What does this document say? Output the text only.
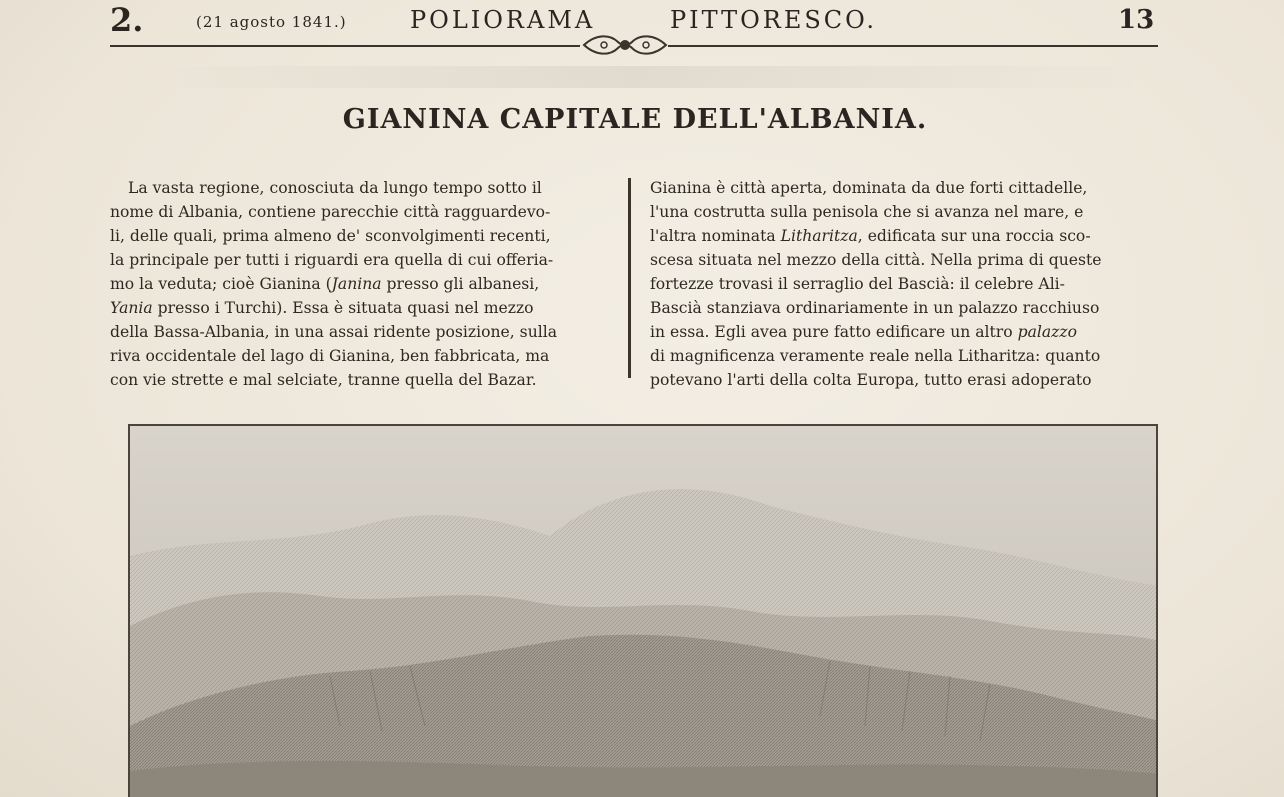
2.	(21 agosto 1841.)	POLIORAMA	PITTORESCO.	13
GIANINA CAPITALE DELL'ALBANIA.
La vasta regione, conosciuta da lungo tempo sotto il
nome di Albania, contiene parecchie città ragguardevo-
li, delle quali, prima almeno de' sconvolgimenti recenti,
la principale per tutti i riguardi era quella di cui offeria-
mo la veduta; cioè Gianina (Janina presso gli albanesi,
Yania presso i Turchi). Essa è situata quasi nel mezzo
della Bassa-Albania, in una assai ridente posizione, sulla
riva occidentale del lago di Gianina, ben fabbricata, ma
con vie strette e mal selciate, tranne quella del Bazar.
Gianina è città aperta, dominata da due forti cittadelle,
l'una costrutta sulla penisola che si avanza nel mare, e
l'altra nominata Litharitza, edificata sur una roccia sco-
scesa situata nel mezzo della città. Nella prima di queste
fortezze trovasi il serraglio del Bascià: il celebre Ali-
Bascià stanziava ordinariamente in un palazzo racchiuso
in essa. Egli avea pure fatto edificare un altro palazzo
di magnificenza veramente reale nella Litharitza: quanto
potevano l'arti della colta Europa, tutto erasi adoperato
